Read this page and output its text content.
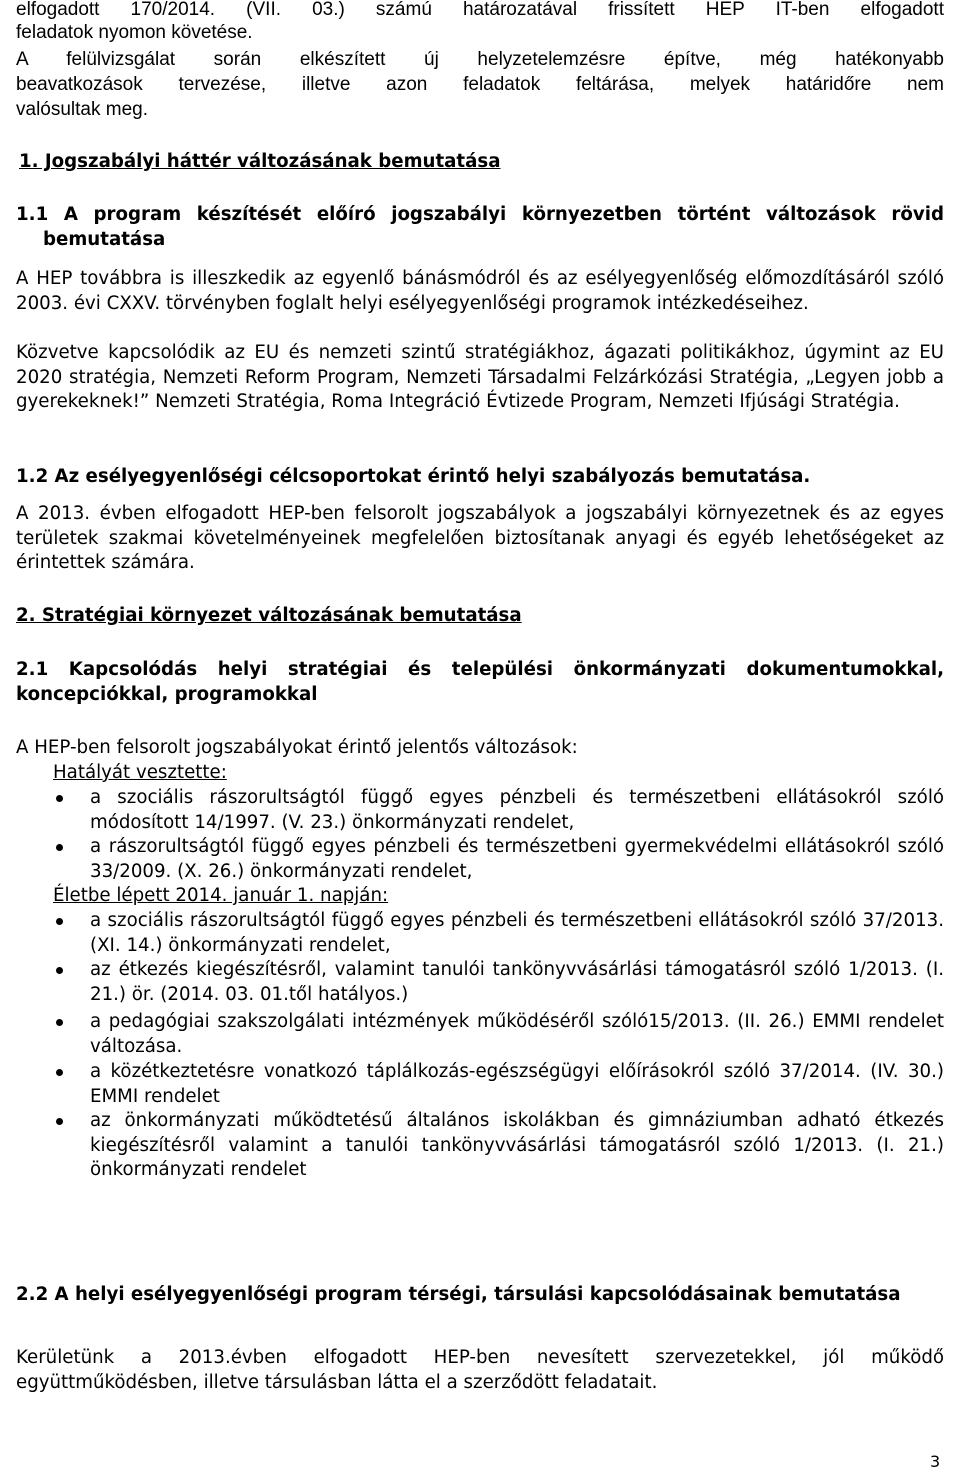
elfogadott 170/2014. (VII. 03.) számú határozatával frissített HEP IT-ben elfogadott
feladatok nyomon követése.
A felülvizsgálat során elkészített új helyzetelemzésre építve, még hatékonyabb
beavatkozások tervezése, illetve azon feladatok feltárása, melyek határidőre nem
valósultak meg.
1. Jogszabályi háttér változásának bemutatása
1.1 A program készítését előíró jogszabályi környezetben történt változások rövid bemutatása
A HEP továbbra is illeszkedik az egyenlő bánásmódról és az esélyegyenlőség előmozdításáról szóló 2003. évi CXXV. törvényben foglalt helyi esélyegyenlőségi programok intézkedéseihez.
Közvetve kapcsolódik az EU és nemzeti szintű stratégiákhoz, ágazati politikákhoz, úgymint az EU 2020 stratégia, Nemzeti Reform Program, Nemzeti Társadalmi Felzárkózási Stratégia, „Legyen jobb a gyerekeknek!” Nemzeti Stratégia, Roma Integráció Évtizede Program, Nemzeti Ifjúsági Stratégia.
1.2 Az esélyegyenlőségi célcsoportokat érintő helyi szabályozás bemutatása.
A 2013. évben elfogadott HEP-ben felsorolt jogszabályok a jogszabályi környezetnek és az egyes területek szakmai követelményeinek megfelelően biztosítanak anyagi és egyéb lehetőségeket az érintettek számára.
2. Stratégiai környezet változásának bemutatása
2.1 Kapcsolódás helyi stratégiai és települési önkormányzati dokumentumokkal, koncepciókkal, programokkal
A HEP-ben felsorolt jogszabályokat érintő jelentős változások:
Hatályát vesztette:
a szociális rászorultságtól függő egyes pénzbeli és természetbeni ellátásokról szóló módosított 14/1997. (V. 23.) önkormányzati rendelet,
a rászorultságtól függő egyes pénzbeli és természetbeni gyermekvédelmi ellátásokról szóló 33/2009. (X. 26.) önkormányzati rendelet,
Életbe lépett 2014. január 1. napján:
a szociális rászorultságtól függő egyes pénzbeli és természetbeni ellátásokról szóló 37/2013. (XI. 14.) önkormányzati rendelet,
az étkezés kiegészítésről, valamint tanulói tankönyvvásárlási támogatásról szóló 1/2013. (I. 21.) ör. (2014. 03. 01.től hatályos.)
a pedagógiai szakszolgálati intézmények működéséről szóló15/2013. (II. 26.) EMMI rendelet változása.
a közétkeztetésre vonatkozó táplálkozás-egészségügyi előírásokról szóló 37/2014. (IV. 30.) EMMI rendelet
az önkormányzati működtetésű általános iskolákban és gimnáziumban adható étkezés kiegészítésről valamint a tanulói tankönyvvásárlási támogatásról szóló 1/2013. (I. 21.) önkormányzati rendelet
2.2 A helyi esélyegyenlőségi program térségi, társulási kapcsolódásainak bemutatása
Kerületünk a 2013.évben elfogadott HEP-ben nevesített szervezetekkel, jól működő együttműködésben, illetve társulásban látta el a szerződött feladatait.
3
